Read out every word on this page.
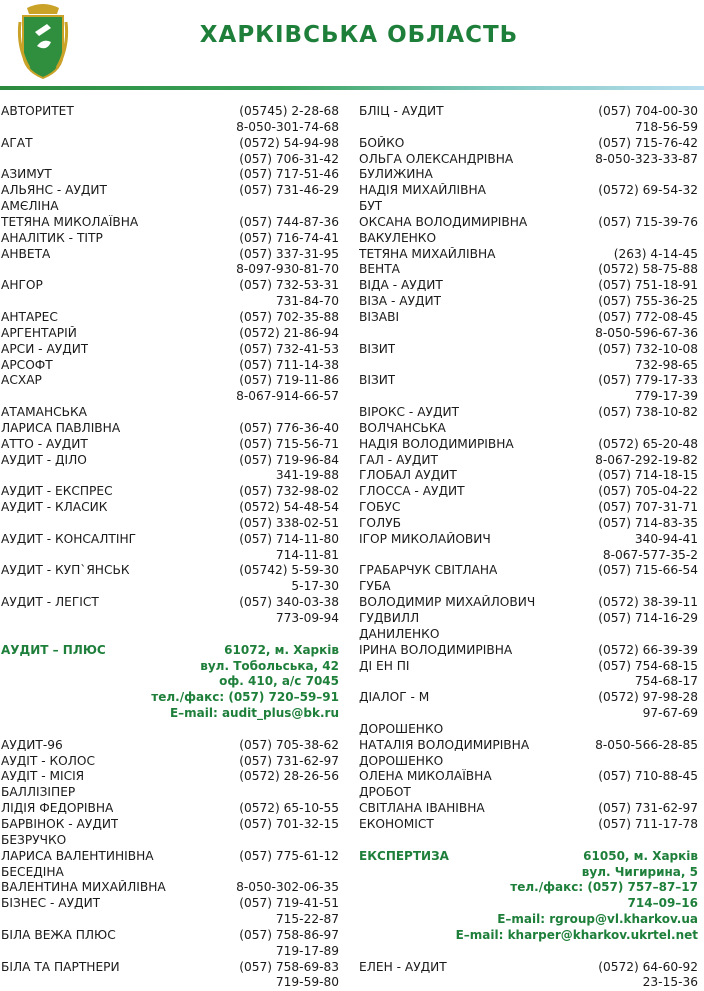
ХАРКІВСЬКА ОБЛАСТЬ
АВТОРИТЕТ	(05745) 2-28-68
8-050-301-74-68
АГАТ	(0572) 54-94-98
(057) 706-31-42
АЗИМУТ	(057) 717-51-46
АЛЬЯНС - АУДИТ	(057) 731-46-29
АМЄЛІНА
ТЕТЯНА МИКОЛАЇВНА	(057) 744-87-36
АНАЛІТИК - ТІТР	(057) 716-74-41
АНВЕТА	(057) 337-31-95
8-097-930-81-70
АНГОР	(057) 732-53-31
731-84-70
АНТАРЕС	(057) 702-35-88
АРГЕНТАРІЙ	(0572) 21-86-94
АРСИ - АУДИТ	(057) 732-41-53
АРСОФТ	(057) 711-14-38
АСХАР	(057) 719-11-86
8-067-914-66-57
АТАМАНСЬКА
ЛАРИСА ПАВЛІВНА	(057) 776-36-40
АТТО - АУДИТ	(057) 715-56-71
АУДИТ - ДІЛО	(057) 719-96-84
341-19-88
АУДИТ - ЕКСПРЕС	(057) 732-98-02
АУДИТ - КЛАСИК	(0572) 54-48-54
(057) 338-02-51
АУДИТ - КОНСАЛТІНГ	(057) 714-11-80
714-11-81
АУДИТ - КУП`ЯНСЬК	(05742) 5-59-30
5-17-30
АУДИТ - ЛЕГІСТ	(057) 340-03-38
773-09-94
АУДИТ – ПЛЮС	61072, м. Харків
вул. Тобольська, 42
оф. 410, а/с 7045
тел./факс: (057) 720–59–91
E–mail: audit_plus@bk.ru
АУДИТ-96	(057) 705-38-62
АУДІТ - КОЛОС	(057) 731-62-97
АУДІТ - МІСІЯ	(0572) 28-26-56
БАЛЛІЗІПЕР
ЛІДІЯ ФЕДОРІВНА	(0572) 65-10-55
БАРВІНОК - АУДИТ	(057) 701-32-15
БЕЗРУЧКО
ЛАРИСА ВАЛЕНТИНІВНА	(057) 775-61-12
БЕСЕДІНА
ВАЛЕНТИНА МИХАЙЛІВНА	8-050-302-06-35
БІЗНЕС - АУДИТ	(057) 719-41-51
715-22-87
БІЛА ВЕЖА ПЛЮС	(057) 758-86-97
719-17-89
БІЛА ТА ПАРТНЕРИ	(057) 758-69-83
719-59-80
БЛІЦ - АУДИТ	(057) 704-00-30
718-56-59
БОЙКО	(057) 715-76-42
ОЛЬГА ОЛЕКСАНДРІВНА	8-050-323-33-87
БУЛИЖИНА
НАДІЯ МИХАЙЛІВНА	(0572) 69-54-32
БУТ
ОКСАНА ВОЛОДИМИРІВНА	(057) 715-39-76
ВАКУЛЕНКО
ТЕТЯНА МИХАЙЛІВНА	(263) 4-14-45
ВЕНТА	(0572) 58-75-88
ВІДА - АУДИТ	(057) 751-18-91
ВІЗА - АУДИТ	(057) 755-36-25
ВІЗАВІ	(057) 772-08-45
8-050-596-67-36
ВІЗИТ	(057) 732-10-08
732-98-65
ВІЗИТ	(057) 779-17-33
779-17-39
ВІРОКС - АУДИТ	(057) 738-10-82
ВОЛЧАНСЬКА
НАДІЯ ВОЛОДИМИРІВНА	(0572) 65-20-48
ГАЛ - АУДИТ	8-067-292-19-82
ГЛОБАЛ АУДИТ	(057) 714-18-15
ГЛОССА - АУДИТ	(057) 705-04-22
ГОБУС	(057) 707-31-71
ГОЛУБ	(057) 714-83-35
ІГОР МИКОЛАЙОВИЧ	340-94-41
8-067-577-35-2
ГРАБАРЧУК СВІТЛАНА	(057) 715-66-54
ГУБА
ВОЛОДИМИР МИХАЙЛОВИЧ	(0572) 38-39-11
ГУДВИЛЛ	(057) 714-16-29
ДАНИЛЕНКО
ІРИНА ВОЛОДИМИРІВНА	(0572) 66-39-39
ДІ ЕН ПІ	(057) 754-68-15
754-68-17
ДІАЛОГ - М	(0572) 97-98-28
97-67-69
ДОРОШЕНКО
НАТАЛІЯ ВОЛОДИМИРІВНА	8-050-566-28-85
ДОРОШЕНКО
ОЛЕНА МИКОЛАЇВНА	(057) 710-88-45
ДРОБОТ
СВІТЛАНА ІВАНІВНА	(057) 731-62-97
ЕКОНОМІСТ	(057) 711-17-78
ЕКСПЕРТИЗА	61050, м. Харків
вул. Чигирина, 5
тел./факс: (057) 757–87–17
714–09–16
E–mail: rgroup@vl.kharkov.ua
E–mail: kharper@kharkov.ukrtel.net
ЕЛЕН - АУДИТ	(0572) 64-60-92
23-15-36
